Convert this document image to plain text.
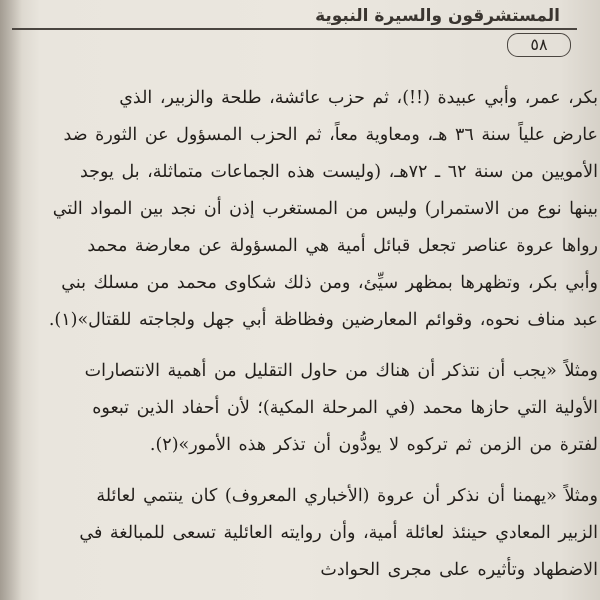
المستشرقون والسيرة النبوية
٥٨
بكر، عمر، وأبي عبيدة (!!)، ثم حزب عائشة، طلحة والزبير، الذي
عارض علياً سنة ٣٦ هـ، ومعاوية معاً، ثم الحزب المسؤول عن الثورة ضد
الأمويين من سنة ٦٢ ـ ٧٢هـ، (وليست هذه الجماعات متماثلة، بل يوجد
بينها نوع من الاستمرار) وليس من المستغرب إذن أن نجد بين المواد التي
رواها عروة عناصر تجعل قبائل أمية هي المسؤولة عن معارضة محمد
وأبي بكر، وتظهرها بمظهر سيِّئ، ومن ذلك شكاوى محمد من مسلك بني
عبد مناف نحوه، وقوائم المعارضين وفظاظة أبي جهل ولجاجته للقتال»(١).
ومثلاً «يجب أن نتذكر أن هناك من حاول التقليل من أهمية الانتصارات
الأولية التي حازها محمد (في المرحلة المكية)؛ لأن أحفاد الذين تبعوه
لفترة من الزمن ثم تركوه لا يودُّون أن تذكر هذه الأمور»(٢).
ومثلاً «يهمنا أن نذكر أن عروة (الأخباري المعروف) كان ينتمي لعائلة
الزبير المعادي حينئذ لعائلة أمية، وأن روايته العائلية تسعى للمبالغة في
الاضطهاد وتأثيره على مجرى الحوادث
